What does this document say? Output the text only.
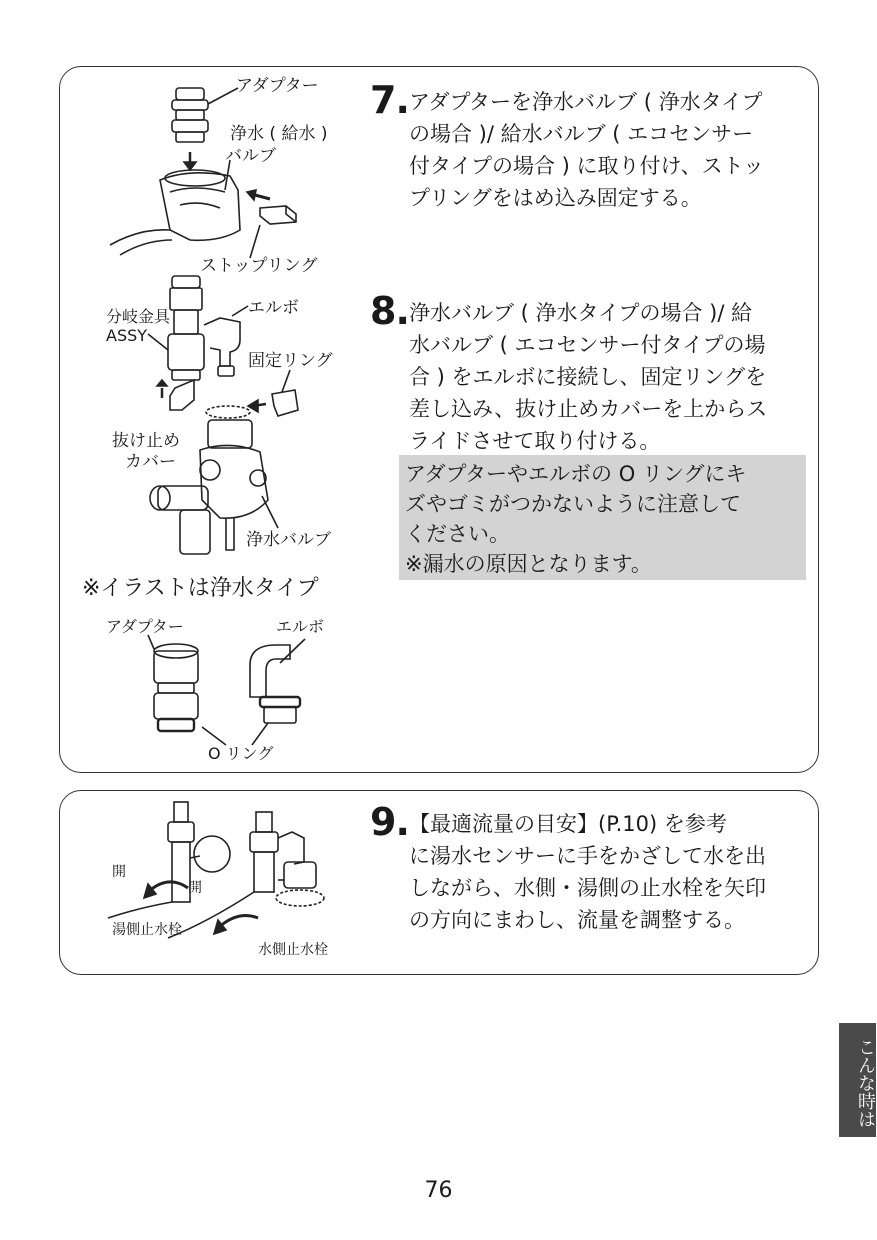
アダプター
浄水 ( 給水 )
バルブ
ストップリング
分岐金具
ASSY
エルボ
固定リング
抜け止め
カバー
浄水バルブ
※イラストは浄水タイプ
アダプター	エルボ
O リング
7. アダプターを浄水バルブ ( 浄水タイプ
の場合 )/ 給水バルブ ( エコセンサー
付タイプの場合 ) に取り付け、ストッ
プリングをはめ込み固定する。
8. 浄水バルブ ( 浄水タイプの場合 )/ 給
水バルブ ( エコセンサー付タイプの場
合 ) をエルボに接続し、固定リングを
差し込み、抜け止めカバーを上からス
ライドさせて取り付ける。
アダプターやエルボの O リングにキ
ズやゴミがつかないように注意して
ください。
※漏水の原因となります。
開
開
湯側止水栓
水側止水栓
9. 【最適流量の目安】(P.10) を参考
に湯水センサーに手をかざして水を出
しながら、水側・湯側の止水栓を矢印
の方向にまわし、流量を調整する。
こんな時は
76
